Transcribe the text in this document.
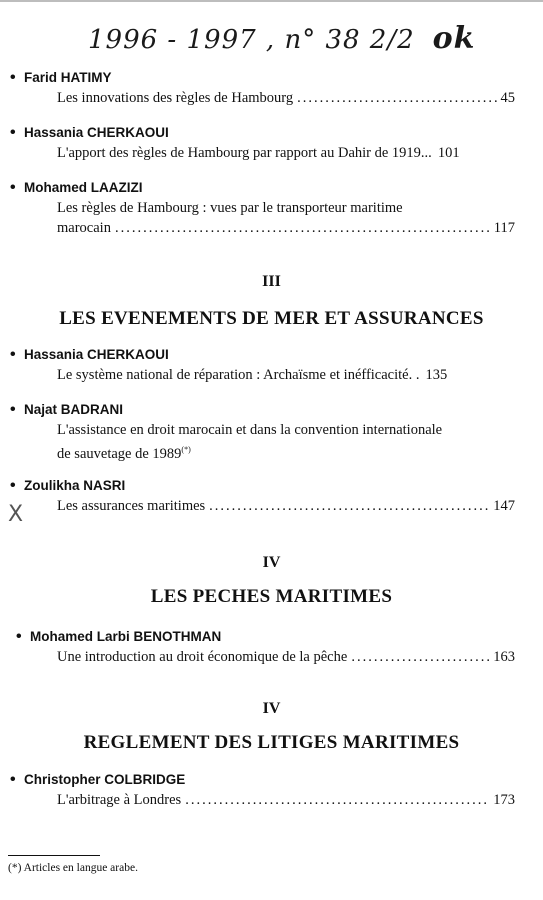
1996 - 1997 , n° 38 2/2 ok
• Farid HATIMY
Les innovations des règles de Hambourg .....	45
• Hassania CHERKAOUI
L'apport des règles de Hambourg par rapport au Dahir de 1919... 101
• Mohamed LAAZIZI
Les règles de Hambourg : vues par le transporteur maritime
marocain .....	117
III
LES EVENEMENTS DE MER ET ASSURANCES
• Hassania CHERKAOUI
Le système national de réparation : Archaïsme et inéfficacité. . 135
• Najat BADRANI
L'assistance en droit marocain et dans la convention internationale
de sauvetage de 1989(*)
• Zoulikha NASRI
Les assurances maritimes .....	147
X
IV
LES PECHES MARITIMES
• Mohamed Larbi BENOTHMAN
Une introduction au droit économique de la pêche .....	163
IV
REGLEMENT DES LITIGES MARITIMES
• Christopher COLBRIDGE
L'arbitrage à Londres .....	173
(*) Articles en langue arabe.
